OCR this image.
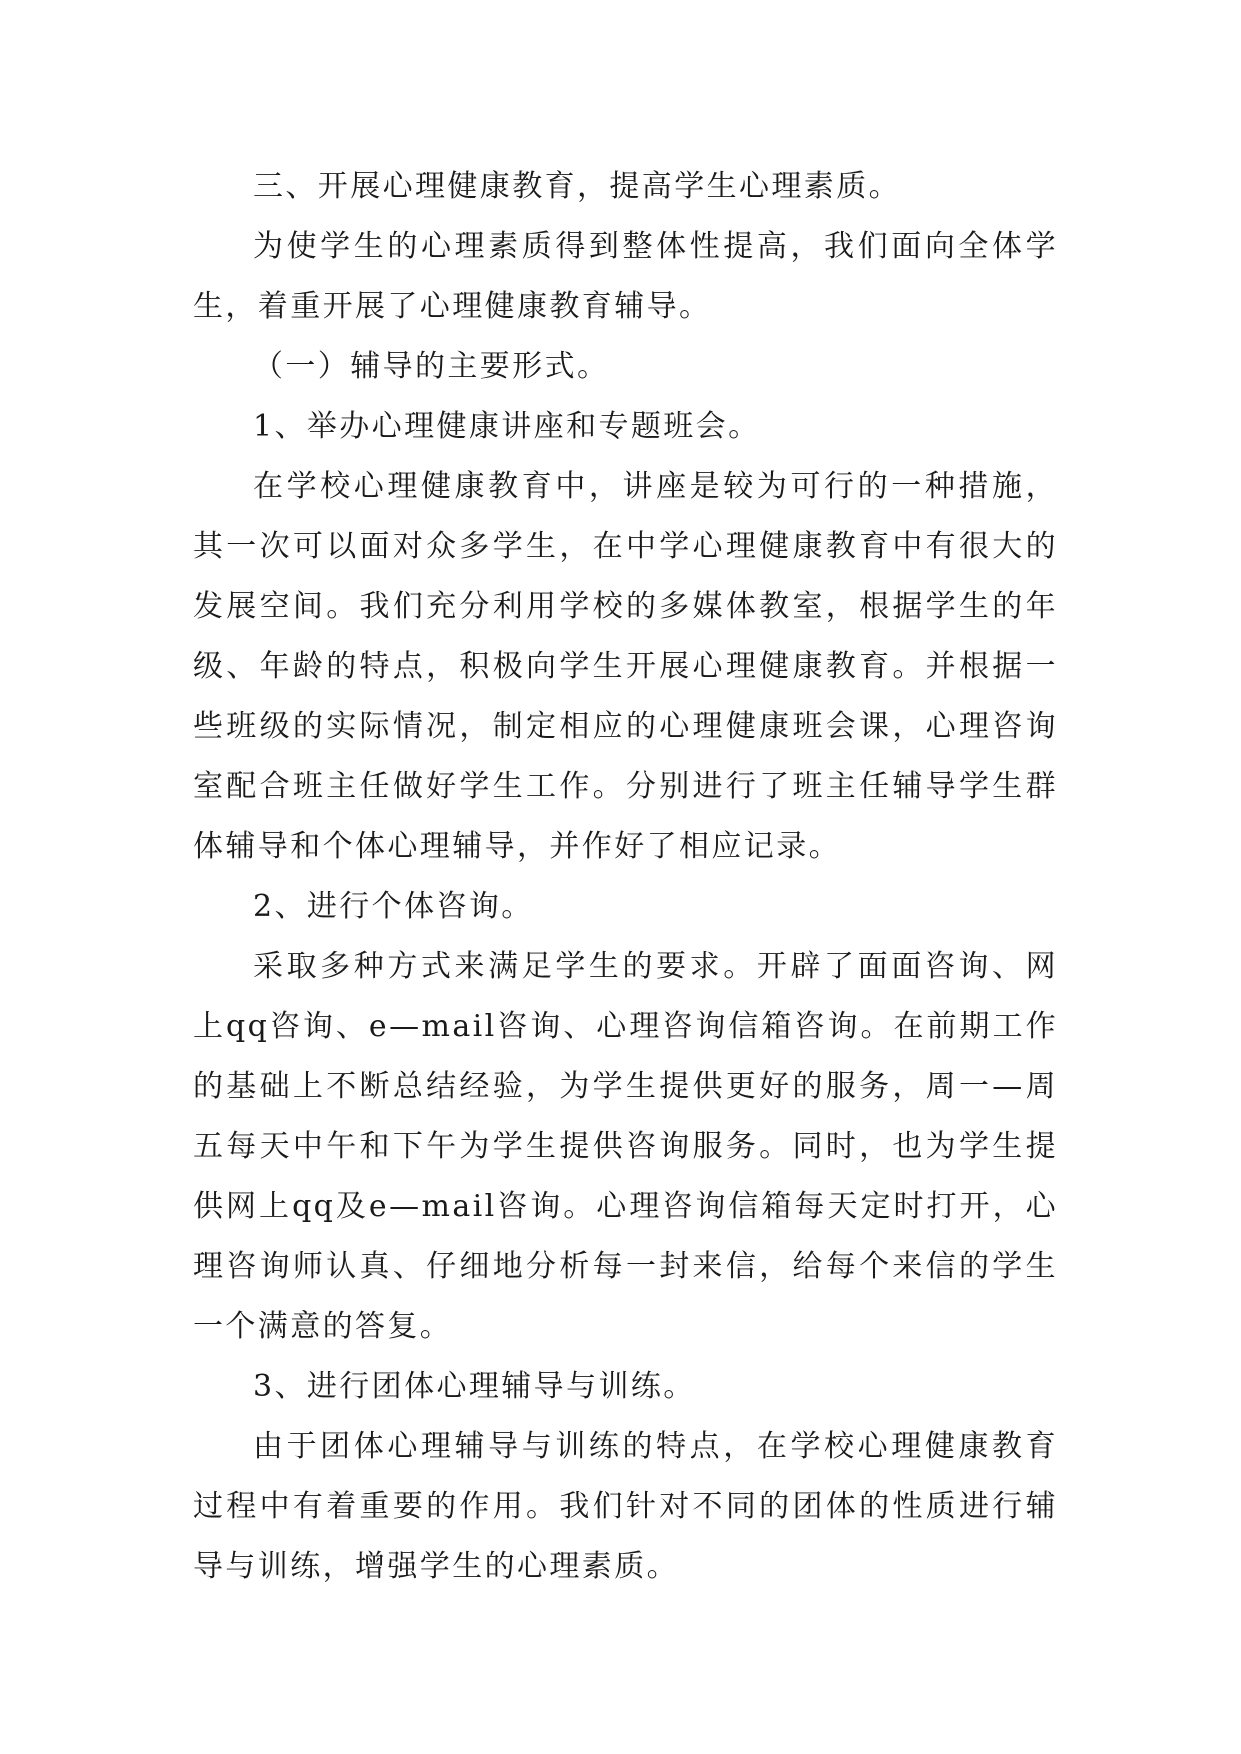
三、开展心理健康教育，提高学生心理素质。

为使学生的心理素质得到整体性提高，我们面向全体学生，着重开展了心理健康教育辅导。

（一）辅导的主要形式。

1、举办心理健康讲座和专题班会。

在学校心理健康教育中，讲座是较为可行的一种措施，其一次可以面对众多学生，在中学心理健康教育中有很大的发展空间。我们充分利用学校的多媒体教室，根据学生的年级、年龄的特点，积极向学生开展心理健康教育。并根据一些班级的实际情况，制定相应的心理健康班会课，心理咨询室配合班主任做好学生工作。分别进行了班主任辅导学生群体辅导和个体心理辅导，并作好了相应记录。

2、进行个体咨询。

采取多种方式来满足学生的要求。开辟了面面咨询、网上qq咨询、e—mail咨询、心理咨询信箱咨询。在前期工作的基础上不断总结经验，为学生提供更好的服务，周一—周五每天中午和下午为学生提供咨询服务。同时，也为学生提供网上qq及e—mail咨询。心理咨询信箱每天定时打开，心理咨询师认真、仔细地分析每一封来信，给每个来信的学生一个满意的答复。

3、进行团体心理辅导与训练。

由于团体心理辅导与训练的特点，在学校心理健康教育过程中有着重要的作用。我们针对不同的团体的性质进行辅导与训练，增强学生的心理素质。
